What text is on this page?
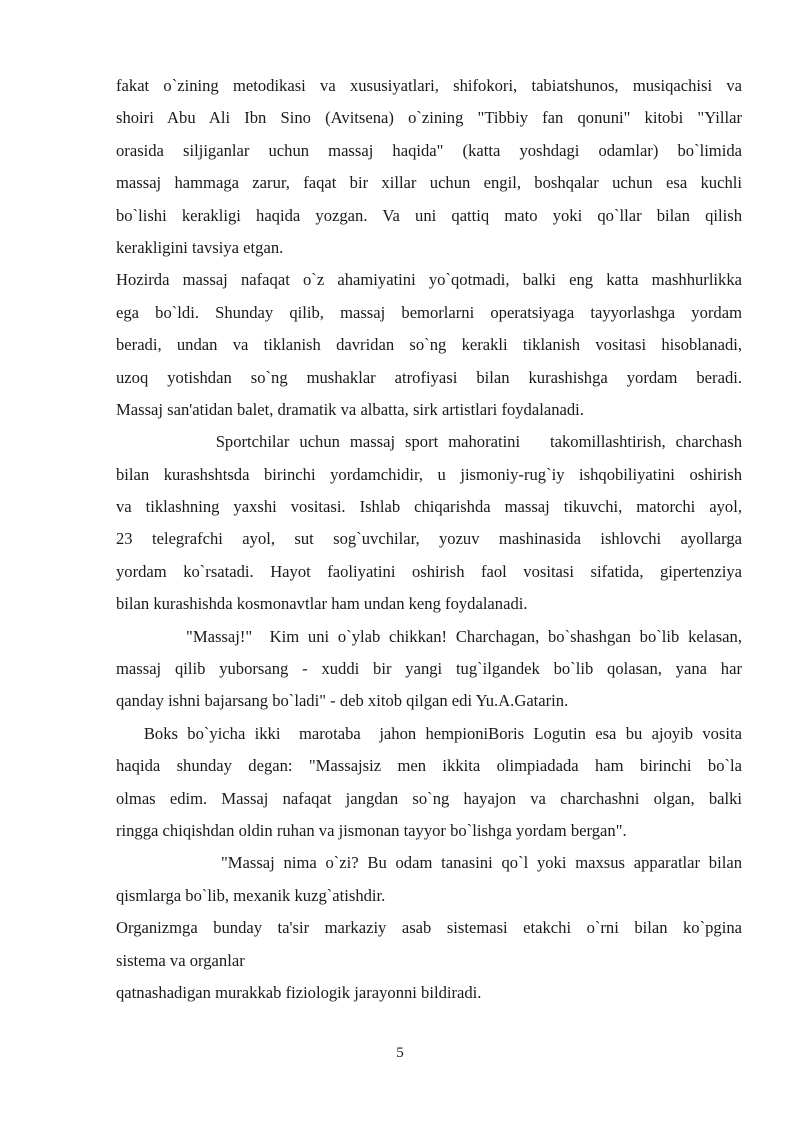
fakat o`zining metodikasi va xususiyatlari, shifokori, tabiatshunos, musiqachisi va
shoiri Abu Ali Ibn Sino (Avitsena) o`zining "Tibbiy fan qonuni" kitobi "Yillar
orasida siljiganlar uchun massaj haqida" (katta yoshdagi odamlar) bo`limida
massaj hammaga zarur, faqat bir xillar uchun engil, boshqalar uchun esa kuchli
bo`lishi kerakligi haqida yozgan. Va uni qattiq mato yoki qo`llar bilan qilish
kerakligini tavsiya etgan.
Hozirda massaj nafaqat o`z ahamiyatini yo`qotmadi, balki eng katta mashhurlikka
ega bo`ldi. Shunday qilib, massaj bemorlarni operatsiyaga tayyorlashga yordam
beradi, undan va tiklanish davridan so`ng kerakli tiklanish vositasi hisoblanadi,
uzoq yotishdan so`ng mushaklar atrofiyasi bilan kurashishga yordam beradi.
Massaj san'atidan balet, dramatik va albatta, sirk artistlari foydalanadi.
Sportchilar uchun massaj sport mahoratini   takomillashtirish, charchash
bilan kurashshtsda birinchi yordamchidir, u jismoniy-rug`iy ishqobiliyatini oshirish
va tiklashning yaxshi vositasi. Ishlab chiqarishda massaj tikuvchi, matorchi ayol,
23 telegrafchi ayol, sut sog`uvchilar, yozuv mashinasida ishlovchi ayollarga
yordam ko`rsatadi. Hayot faoliyatini oshirish faol vositasi sifatida, gipertenziya
bilan kurashishda kosmonavtlar ham undan keng foydalanadi.
"Massaj!"  Kim uni o`ylab chikkan! Charchagan, bo`shashgan bo`lib kelasan,
massaj qilib yuborsang - xuddi bir yangi tug`ilgandek bo`lib qolasan, yana har
qanday ishni bajarsang bo`ladi" - deb xitob qilgan edi Yu.A.Gatarin.
Boks bo`yicha ikki  marotaba  jahon hempioniBoris Logutin esa bu ajoyib vosita
haqida shunday degan: "Massajsiz men ikkita olimpiadada ham birinchi bo`la
olmas edim. Massaj nafaqat jangdan so`ng hayajon va charchashni olgan, balki
ringga chiqishdan oldin ruhan va jismonan tayyor bo`lishga yordam bergan".
"Massaj nima o`zi? Bu odam tanasini qo`l yoki maxsus apparatlar bilan
qismlarga bo`lib, mexanik kuzg`atishdir.
Organizmga bunday ta'sir markaziy asab sistemasi etakchi o`rni bilan ko`pgina
sistema va organlar
qatnashadigan murakkab fiziologik jarayonni bildiradi.
5
